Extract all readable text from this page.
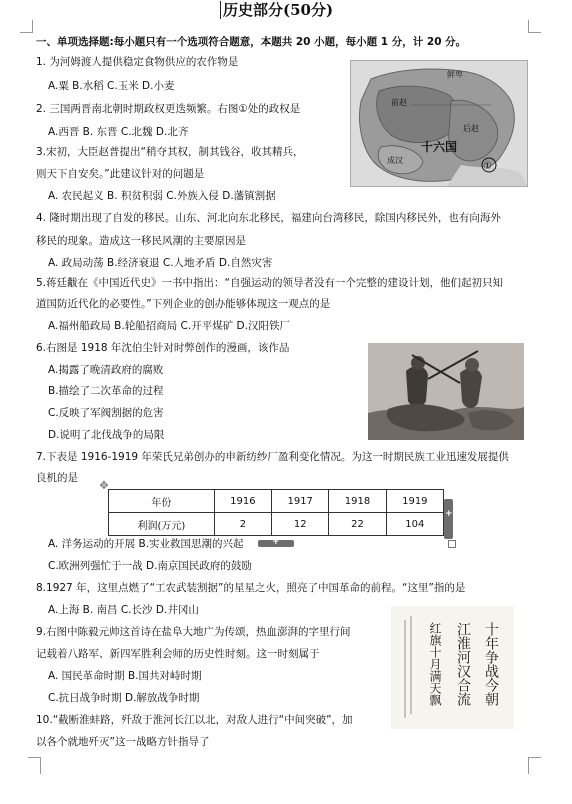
历史部分(50分)
一、单项选择题:每小题只有一个选项符合题意，本题共 20 小题，每小题 1 分，计 20 分。
1. 为河姆渡人提供稳定食物供应的农作物是
A.粟 B.水稻 C.玉米 D.小麦
2. 三国两晋南北朝时期政权更迭频繁。右图①处的政权是
A.西晋 B. 东晋 C.北魏 D.北齐
3.宋初，大臣赵普提出“稍夺其权，制其钱谷，收其精兵，
则天下自安矣。”此建议针对的问题是
A. 农民起义 B. 积贫积弱 C.外族入侵 D.藩镇割据
4. 隆时期出现了自发的移民。山东、河北向东北移民，福建向台湾移民，除国内移民外，也有向海外
移民的现象。造成这一移民风潮的主要原因是
A. 政局动荡 B.经济衰退 C.人地矛盾 D.自然灾害
5.蒋廷黻在《中国近代史》一书中指出：“自强运动的领导者没有一个完整的建设计划，他们起初只知
道国防近代化的必要性。”下列企业的创办能够体现这一观点的是
A.福州船政局 B.轮船招商局 C.开平煤矿 D.汉阳铁厂
6.右图是 1918 年沈伯尘针对时弊创作的漫画，该作品
A.揭露了晚清政府的腐败
B.描绘了二次革命的过程
C.反映了军阀割据的危害
D.说明了北伐战争的局限
7.下表是 1916-1919 年荣氏兄弟创办的申新纺纱厂盈利变化情况。为这一时期民族工业迅速发展提供
良机的是
A. 洋务运动的开展 B.实业救国思潮的兴起
C.欧洲列强忙于一战 D.南京国民政府的鼓励
8.1927 年，这里点燃了“工农武装割据”的星星之火，照亮了中国革命的前程。“这里”指的是
A.上海 B. 南昌 C.长沙 D.井冈山
9.右图中陈毅元帅这首诗在盐阜大地广为传颂，热血澎湃的字里行间
记载着八路军、新四军胜利会师的历史性时刻。这一时刻属于
A. 国民革命时期 B.国共对峙时期
C.抗日战争时期 D.解放战争时期
10.“截断淮蚌路，歼敌于淮河长江以北，对敌人进行“中间突破”，加
以各个就地歼灭”这一战略方针指导了
鲜卑
前赵
后赵
十六国
成汉
①
年份	1916	1917	1918	1919
利润(万元)	2	12	22	104
✥
+
+
十年争战今朝
江淮河汉合流
红旗十月满天飘
